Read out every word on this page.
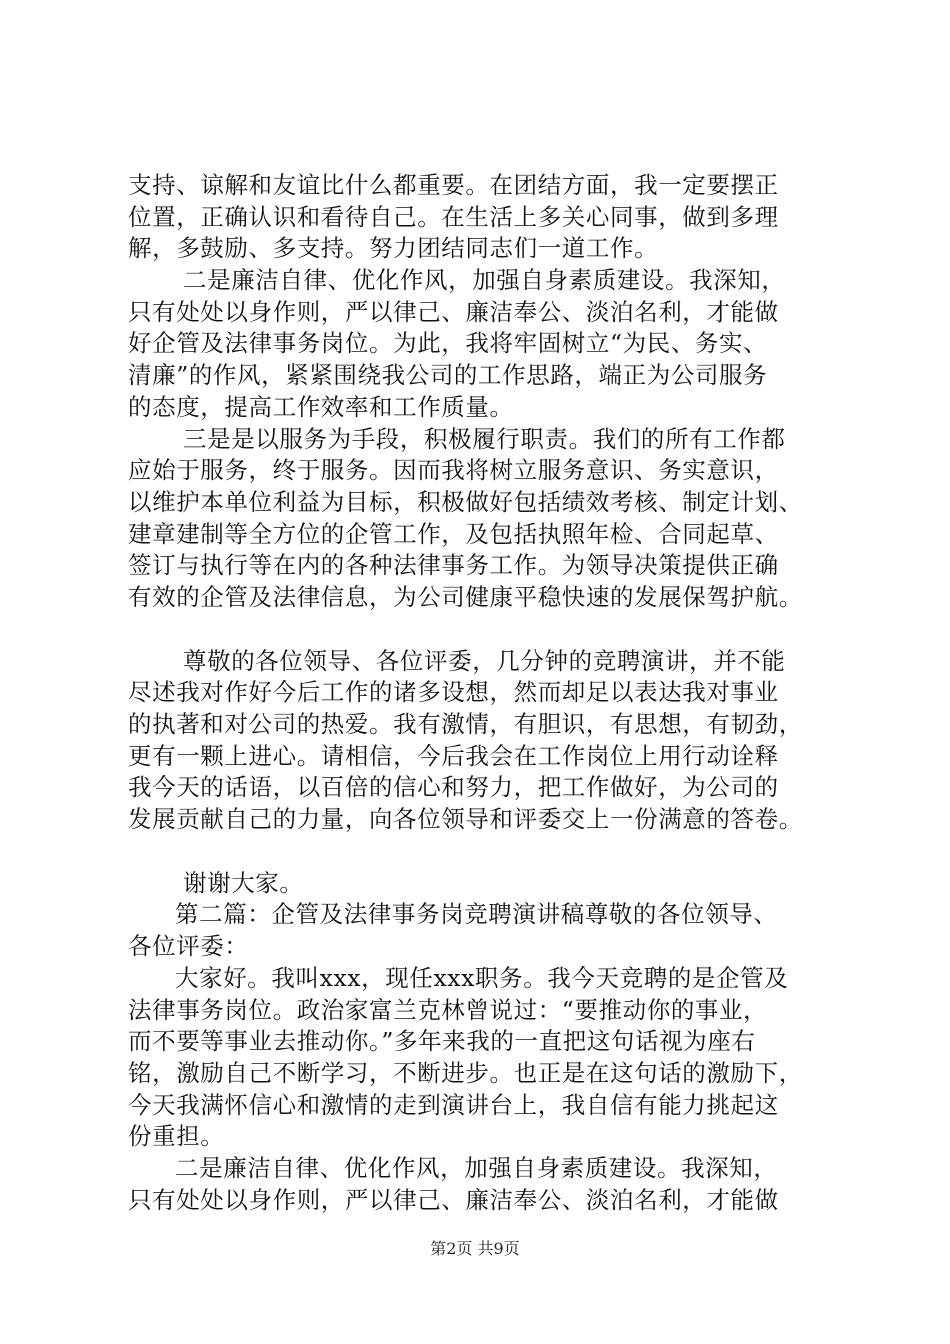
支持、谅解和友谊比什么都重要。在团结方面，我一定要摆正
位置，正确认识和看待自己。在生活上多关心同事，做到多理
解，多鼓励、多支持。努力团结同志们一道工作。
二是廉洁自律、优化作风，加强自身素质建设。我深知，
只有处处以身作则，严以律己、廉洁奉公、淡泊名利，才能做
好企管及法律事务岗位。为此，我将牢固树立“为民、务实、
清廉”的作风，紧紧围绕我公司的工作思路，端正为公司服务
的态度，提高工作效率和工作质量。
三是是以服务为手段，积极履行职责。我们的所有工作都
应始于服务，终于服务。因而我将树立服务意识、务实意识，
以维护本单位利益为目标，积极做好包括绩效考核、制定计划、
建章建制等全方位的企管工作，及包括执照年检、合同起草、
签订与执行等在内的各种法律事务工作。为领导决策提供正确
有效的企管及法律信息，为公司健康平稳快速的发展保驾护航。
尊敬的各位领导、各位评委，几分钟的竞聘演讲，并不能
尽述我对作好今后工作的诸多设想，然而却足以表达我对事业
的执著和对公司的热爱。我有激情，有胆识，有思想，有韧劲，
更有一颗上进心。请相信，今后我会在工作岗位上用行动诠释
我今天的话语，以百倍的信心和努力，把工作做好，为公司的
发展贡献自己的力量，向各位领导和评委交上一份满意的答卷。
谢谢大家。
第二篇：企管及法律事务岗竞聘演讲稿尊敬的各位领导、
各位评委：
大家好。我叫xxx，现任xxx职务。我今天竞聘的是企管及
法律事务岗位。政治家富兰克林曾说过：“要推动你的事业，
而不要等事业去推动你。”多年来我的一直把这句话视为座右
铭，激励自己不断学习，不断进步。也正是在这句话的激励下，
今天我满怀信心和激情的走到演讲台上，我自信有能力挑起这
份重担。
二是廉洁自律、优化作风，加强自身素质建设。我深知，
只有处处以身作则，严以律己、廉洁奉公、淡泊名利，才能做
第2页 共9页
